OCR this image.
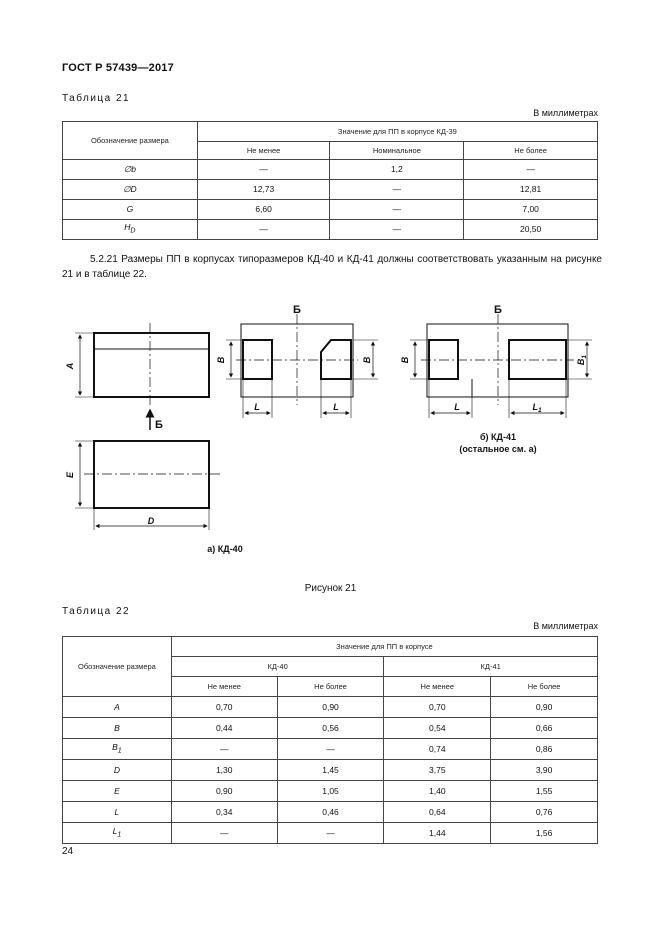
ГОСТ Р 57439—2017
Таблица 21
В миллиметрах
Обозначение размера	Значение для ПП в корпусе КД-39		
	Не менее	Номинальное	Не более
∅b	—	1,2	—
∅D	12,73	—	12,81
G	6,60	—	7,00
$H_D$	—	—	20,50
5.2.21 Размеры ПП в корпусах типоразмеров КД-40 и КД-41 должны соответствовать указанным на рисунке 21 и в таблице 22.
A
E
D
B	B
L	L
B	$B_1$
L	$L_1$
Б	Б
Б
а) КД-40
б) КД-41
(остальное см. а)
Рисунок 21
Таблица 22
В миллиметрах
Обозначение размера	Значение для ПП в корпусе			
	КД-40		КД-41	
	Не менее	Не более	Не менее	Не более
A	0,70	0,90	0,70	0,90
B	0,44	0,56	0,54	0,66
$B_1$	—	—	0,74	0,86
D	1,30	1,45	3,75	3,90
E	0,90	1,05	1,40	1,55
L	0,34	0,46	0,64	0,76
$L_1$	—	—	1,44	1,56
24
